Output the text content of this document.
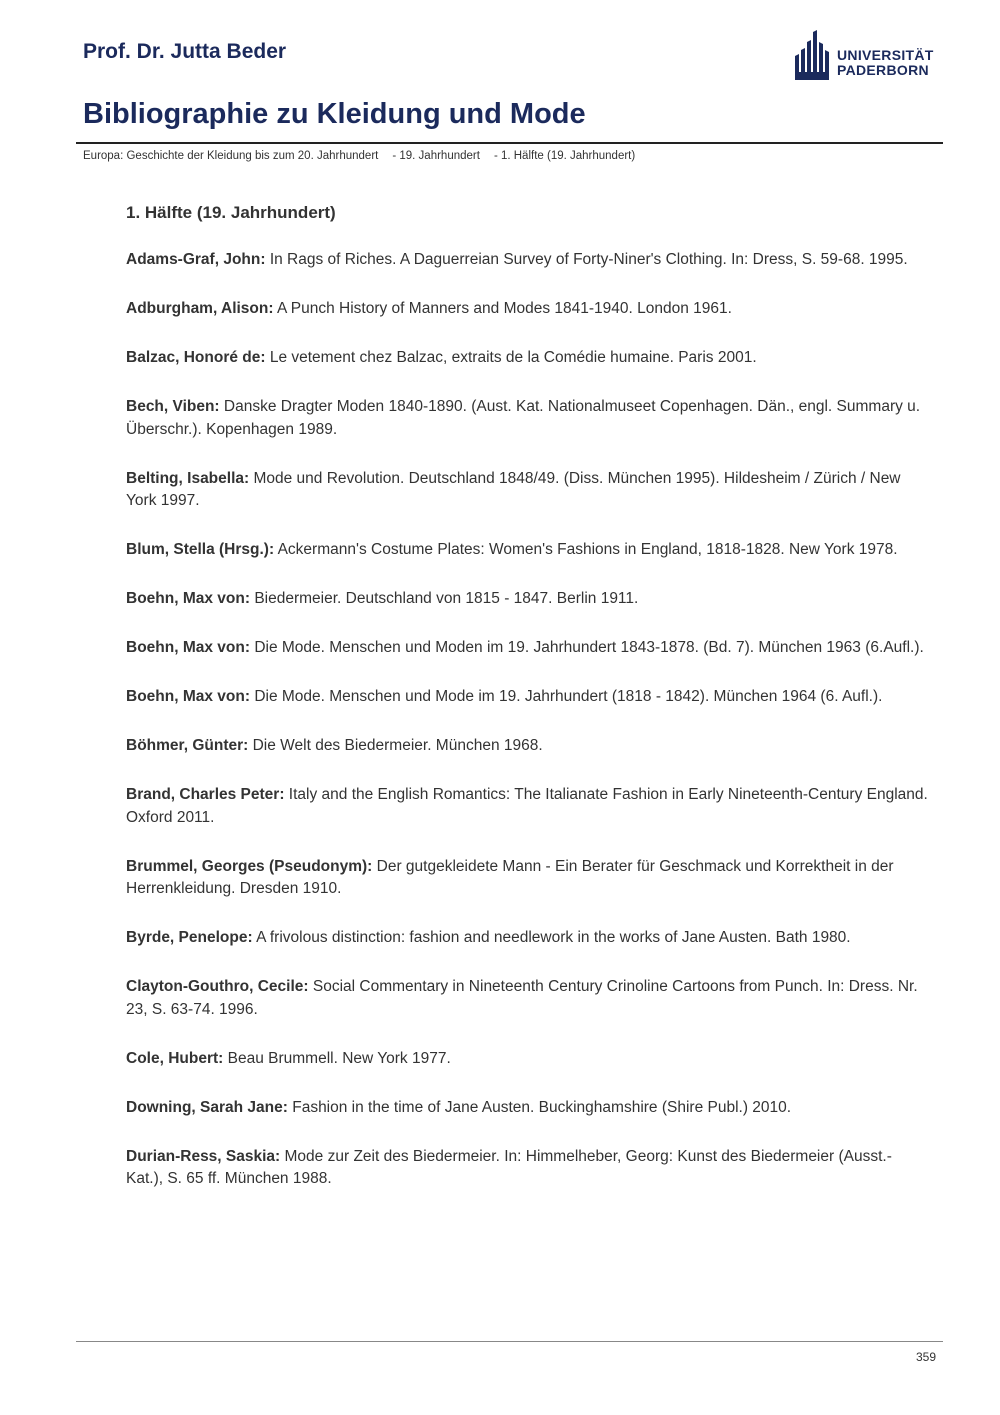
Prof. Dr. Jutta Beder	UNIVERSITÄT
PADERBORN
Bibliographie zu Kleidung und Mode
Europa: Geschichte der Kleidung bis zum 20. Jahrhundert - 19. Jahrhundert - 1. Hälfte (19. Jahrhundert)
1. Hälfte (19. Jahrhundert)

Adams-Graf, John: In Rags of Riches. A Daguerreian Survey of Forty-Niner's Clothing. In: Dress, S. 59-68. 1995.

Adburgham, Alison: A Punch History of Manners and Modes 1841-1940. London 1961.

Balzac, Honoré de: Le vetement chez Balzac, extraits de la Comédie humaine. Paris 2001.

Bech, Viben: Danske Dragter Moden 1840-1890. (Aust. Kat. Nationalmuseet Copenhagen. Dän., engl. Summary u. Überschr.). Kopenhagen 1989.

Belting, Isabella: Mode und Revolution. Deutschland 1848/49. (Diss. München 1995). Hildesheim / Zürich / New York 1997.

Blum, Stella (Hrsg.): Ackermann's Costume Plates: Women's Fashions in England, 1818-1828. New York 1978.

Boehn, Max von: Biedermeier. Deutschland von 1815 - 1847. Berlin 1911.

Boehn, Max von: Die Mode. Menschen und Moden im 19. Jahrhundert 1843-1878. (Bd. 7). München 1963 (6.Aufl.).

Boehn, Max von: Die Mode. Menschen und Mode im 19. Jahrhundert (1818 - 1842). München 1964 (6. Aufl.).

Böhmer, Günter: Die Welt des Biedermeier. München 1968.

Brand, Charles Peter: Italy and the English Romantics: The Italianate Fashion in Early Nineteenth-Century England. Oxford 2011.

Brummel, Georges (Pseudonym): Der gutgekleidete Mann - Ein Berater für Geschmack und Korrektheit in der Herrenkleidung. Dresden 1910.

Byrde, Penelope: A frivolous distinction: fashion and needlework in the works of Jane Austen. Bath 1980.

Clayton-Gouthro, Cecile: Social Commentary in Nineteenth Century Crinoline Cartoons from Punch. In: Dress. Nr. 23, S. 63-74. 1996.

Cole, Hubert: Beau Brummell. New York 1977.

Downing, Sarah Jane: Fashion in the time of Jane Austen. Buckinghamshire (Shire Publ.) 2010.

Durian-Ress, Saskia: Mode zur Zeit des Biedermeier. In: Himmelheber, Georg: Kunst des Biedermeier (Ausst.- Kat.), S. 65 ff. München 1988.

359
